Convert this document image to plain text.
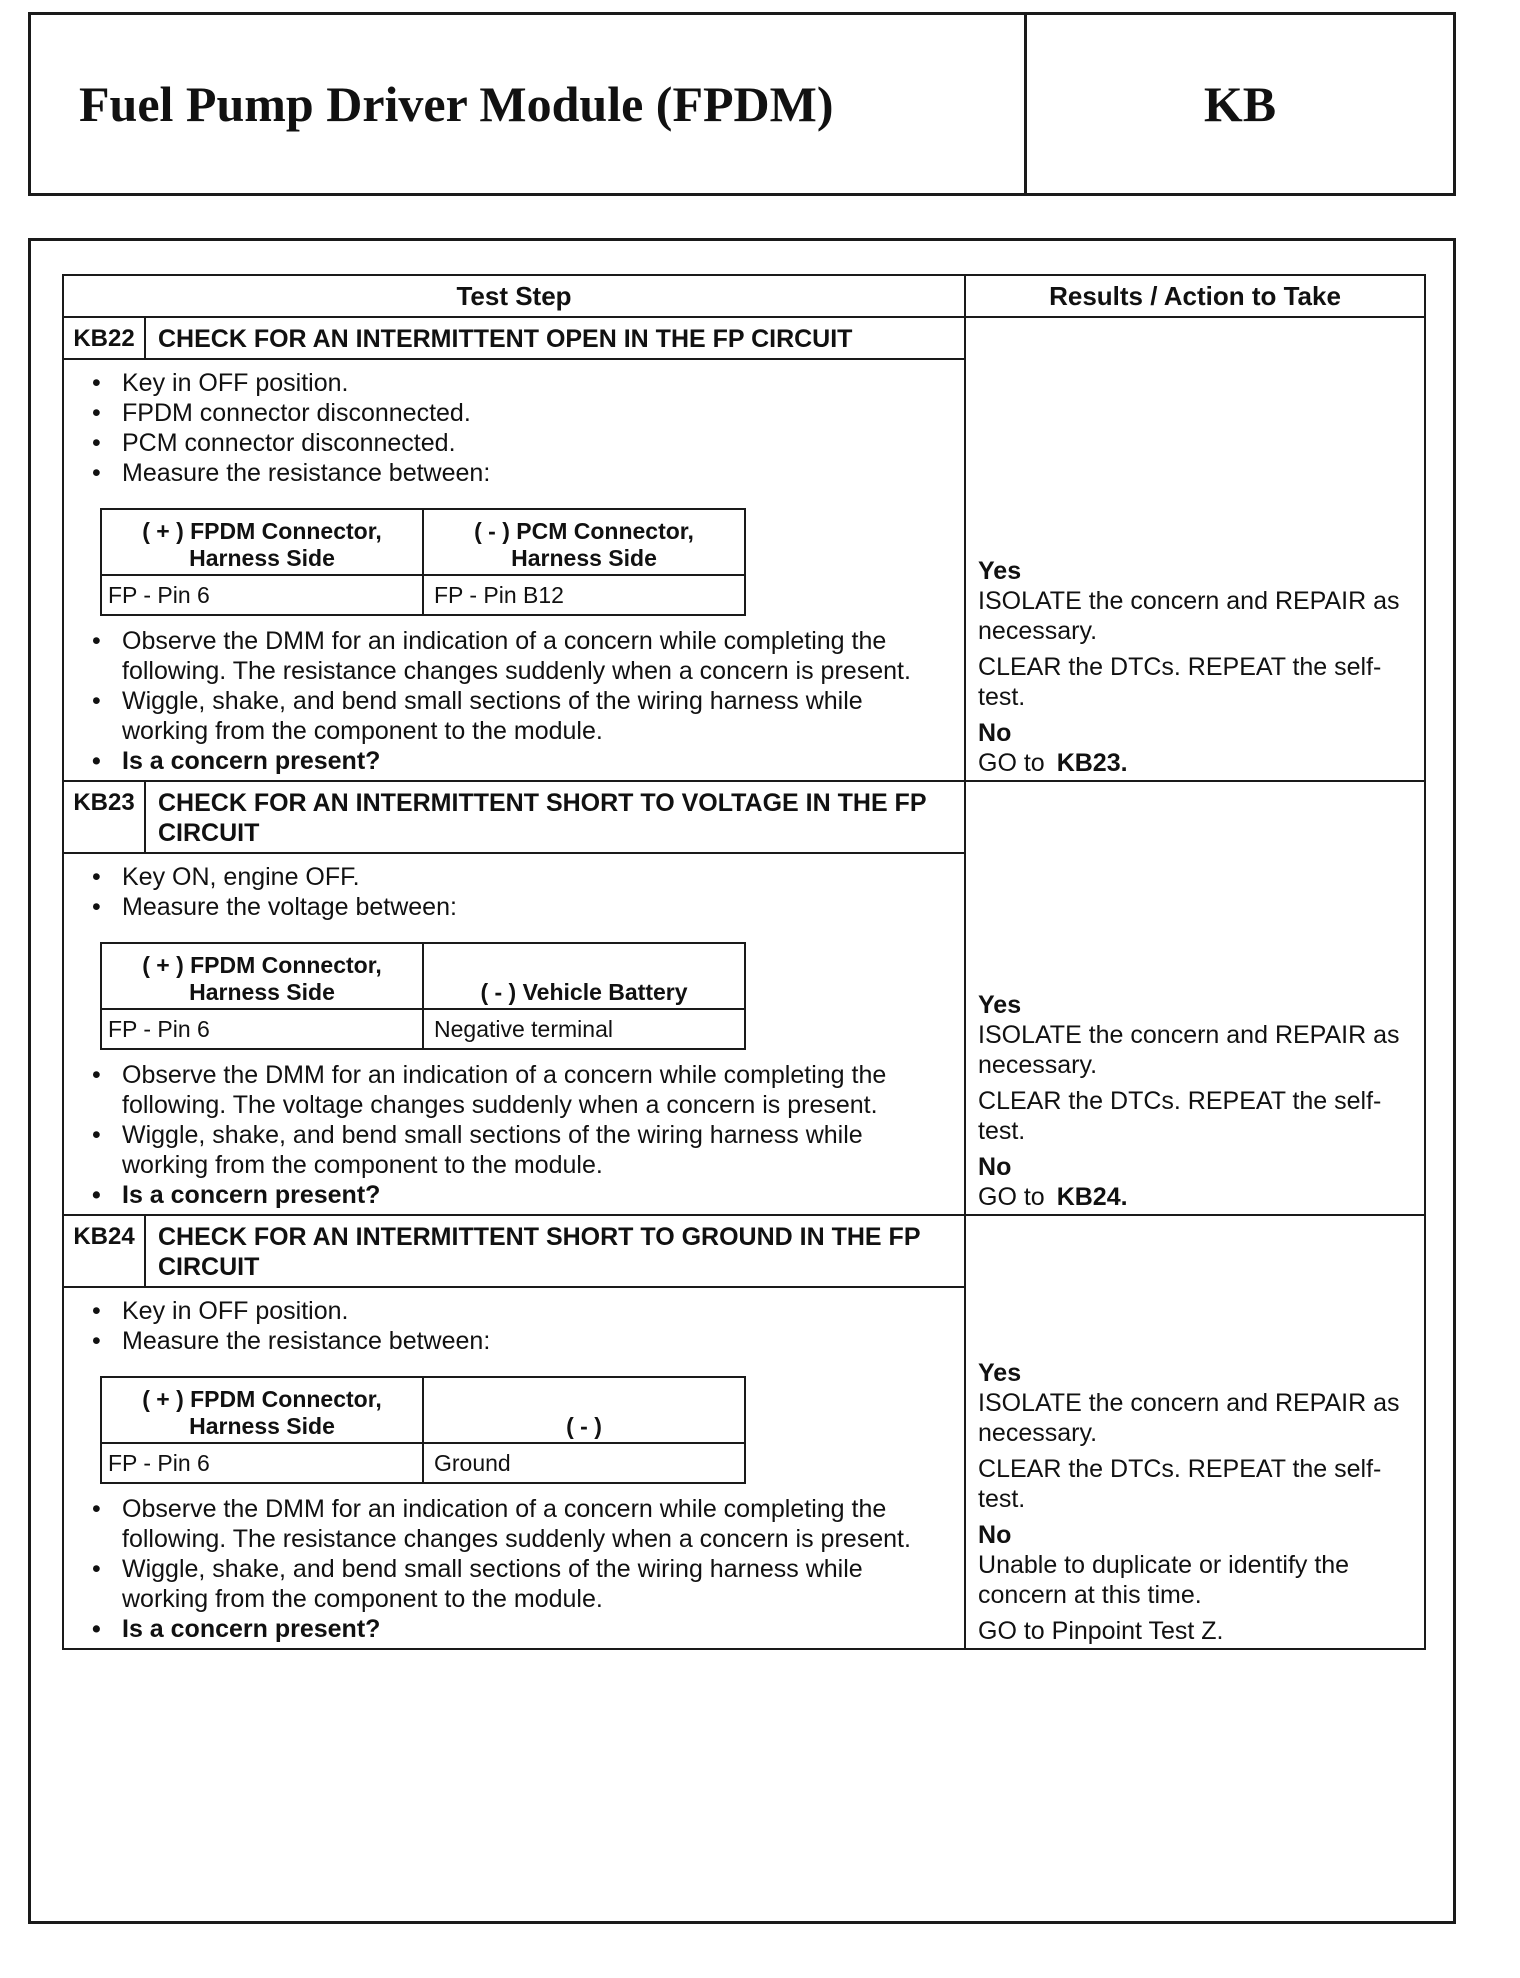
Fuel Pump Driver Module (FPDM)	KB
Test Step	Results / Action to Take
KB22	CHECK FOR AN INTERMITTENT OPEN IN THE FP CIRCUIT	
Yes
ISOLATE the concern and REPAIR as necessary.
CLEAR the DTCs. REPEAT the self-test.
No
GO to KB23.

• Key in OFF position.
• FPDM connector disconnected.
• PCM connector disconnected.
• Measure the resistance between:
( + ) FPDM Connector, Harness Side	( - ) PCM Connector, Harness Side
FP - Pin 6	FP - Pin B12
• Observe the DMM for an indication of a concern while completing the following. The resistance changes suddenly when a concern is present.
• Wiggle, shake, and bend small sections of the wiring harness while working from the component to the module.
• Is a concern present?

KB23	CHECK FOR AN INTERMITTENT SHORT TO VOLTAGE IN THE FP CIRCUIT	
Yes
ISOLATE the concern and REPAIR as necessary.
CLEAR the DTCs. REPEAT the self-test.
No
GO to KB24.

• Key ON, engine OFF.
• Measure the voltage between:
( + ) FPDM Connector, Harness Side	( - ) Vehicle Battery
FP - Pin 6	Negative terminal
• Observe the DMM for an indication of a concern while completing the following. The voltage changes suddenly when a concern is present.
• Wiggle, shake, and bend small sections of the wiring harness while working from the component to the module.
• Is a concern present?

KB24	CHECK FOR AN INTERMITTENT SHORT TO GROUND IN THE FP CIRCUIT	
Yes
ISOLATE the concern and REPAIR as necessary.
CLEAR the DTCs. REPEAT the self-test.
No
Unable to duplicate or identify the concern at this time.
GO to Pinpoint Test Z.

• Key in OFF position.
• Measure the resistance between:
( + ) FPDM Connector, Harness Side	( - )
FP - Pin 6	Ground
• Observe the DMM for an indication of a concern while completing the following. The resistance changes suddenly when a concern is present.
• Wiggle, shake, and bend small sections of the wiring harness while working from the component to the module.
• Is a concern present?
